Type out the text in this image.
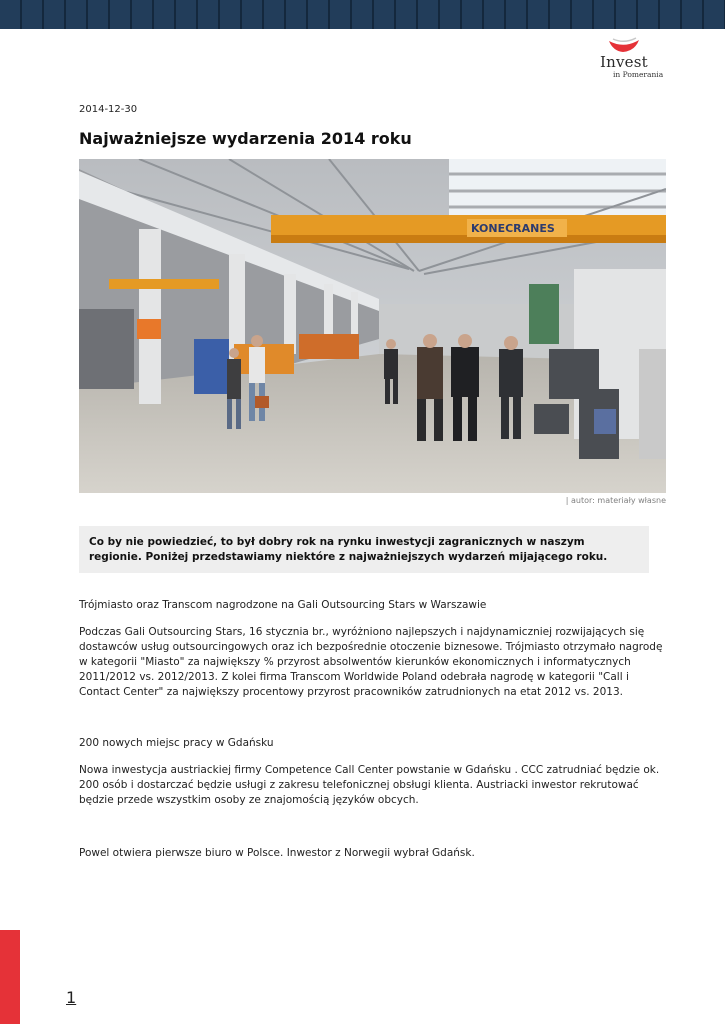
Invest
in Pomerania
2014-12-30
Najważniejsze wydarzenia 2014 roku
KONECRANES
| autor: materiały własne
Co by nie powiedzieć, to był dobry rok na rynku inwestycji zagranicznych w naszym regionie. Poniżej przedstawiamy niektóre z najważniejszych wydarzeń mijającego roku.
Trójmiasto oraz Transcom nagrodzone na Gali Outsourcing Stars w Warszawie
Podczas Gali Outsourcing Stars, 16 stycznia br., wyróżniono najlepszych i najdynamiczniej rozwijających się dostawców usług outsourcingowych oraz ich bezpośrednie otoczenie biznesowe. Trójmiasto otrzymało nagrodę w kategorii "Miasto" za największy % przyrost absolwentów kierunków ekonomicznych i informatycznych 2011/2012 vs. 2012/2013. Z kolei firma Transcom Worldwide Poland odebrała nagrodę w kategorii "Call i Contact Center" za największy procentowy przyrost pracowników zatrudnionych na etat 2012 vs. 2013.
200 nowych miejsc pracy w Gdańsku
Nowa inwestycja austriackiej firmy Competence Call Center powstanie w Gdańsku . CCC zatrudniać będzie ok. 200 osób i dostarczać będzie usługi z zakresu telefonicznej obsługi klienta. Austriacki inwestor rekrutować będzie przede wszystkim osoby ze znajomością języków obcych.
Powel otwiera pierwsze biuro w Polsce. Inwestor z Norwegii wybrał Gdańsk.
1
